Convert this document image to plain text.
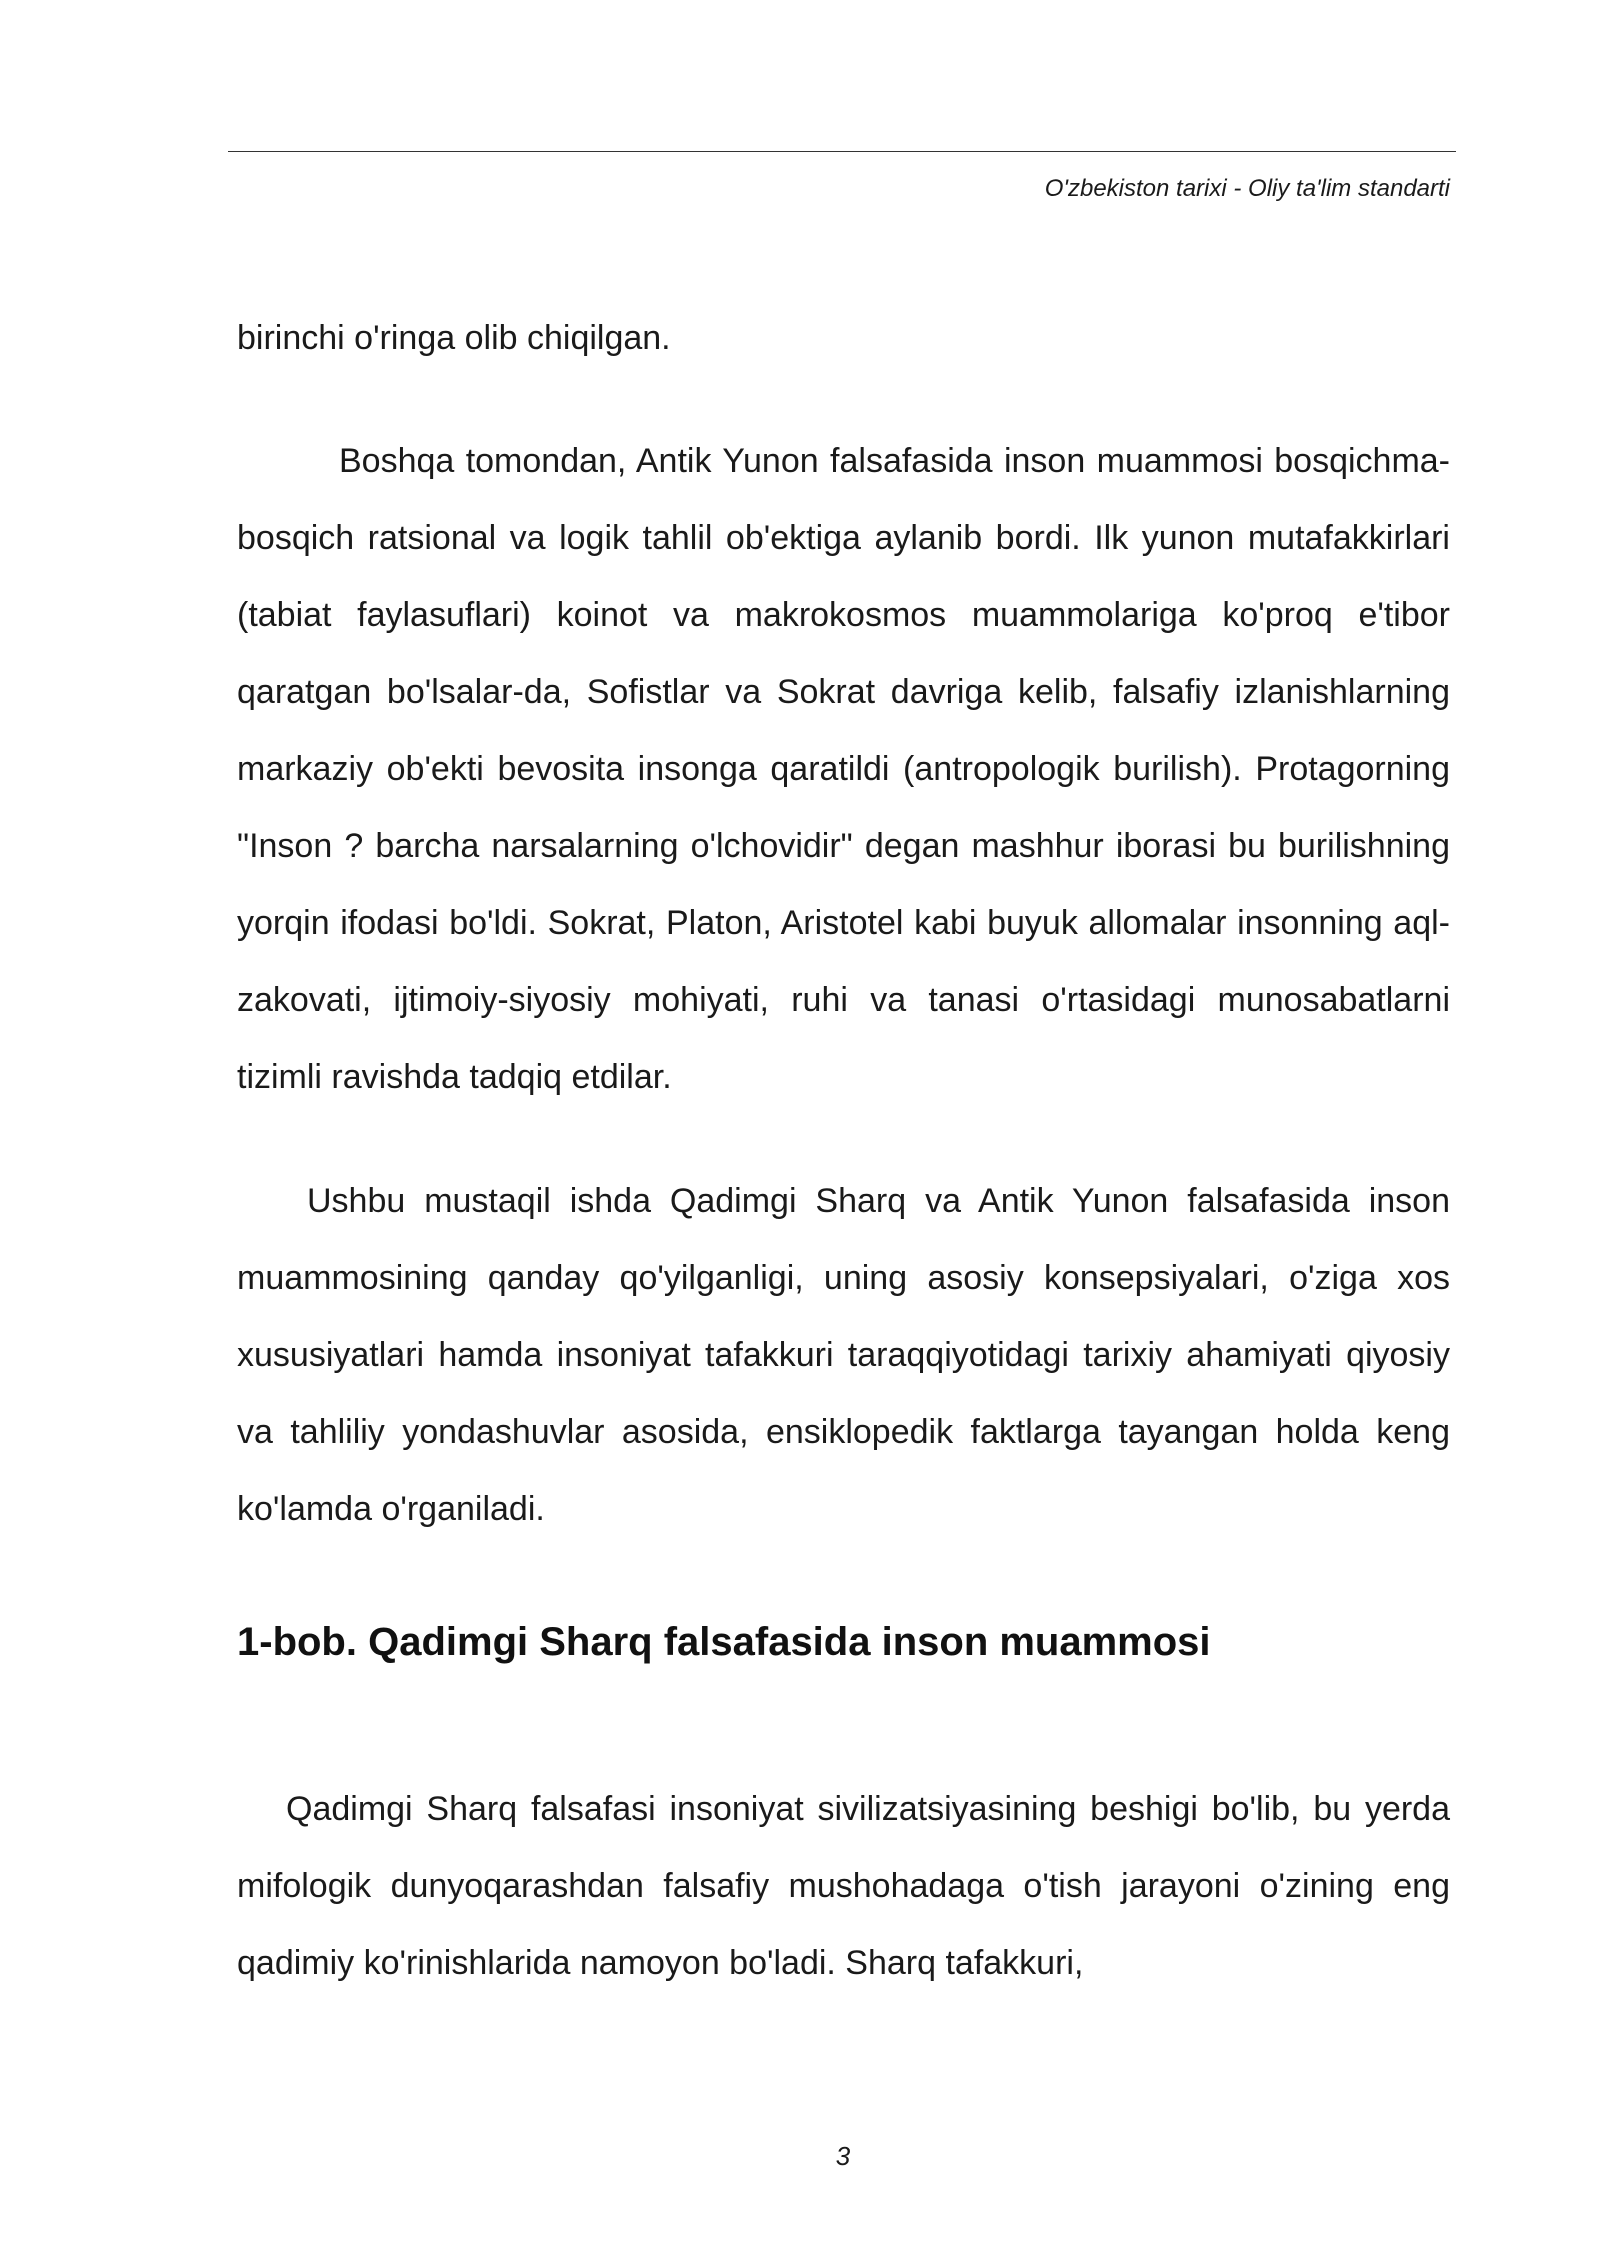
O'zbekiston tarixi - Oliy ta'lim standarti

birinchi o'ringa olib chiqilgan.

Boshqa tomondan, Antik Yunon falsafasida inson muammosi bosqichma-bosqich ratsional va logik tahlil ob'ektiga aylanib bordi. Ilk yunon mutafakkirlari (tabiat faylasuflari) koinot va makrokosmos muammolariga ko'proq e'tibor qaratgan bo'lsalar-da, Sofistlar va Sokrat davriga kelib, falsafiy izlanishlarning markaziy ob'ekti bevosita insonga qaratildi (antropologik burilish). Protagorning "Inson ? barcha narsalarning o'lchovidir" degan mashhur iborasi bu burilishning yorqin ifodasi bo'ldi. Sokrat, Platon, Aristotel kabi buyuk allomalar insonning aql-zakovati, ijtimoiy-siyosiy mohiyati, ruhi va tanasi o'rtasidagi munosabatlarni tizimli ravishda tadqiq etdilar.

Ushbu mustaqil ishda Qadimgi Sharq va Antik Yunon falsafasida inson muammosining qanday qo'yilganligi, uning asosiy konsepsiyalari, o'ziga xos xususiyatlari hamda insoniyat tafakkuri taraqqiyotidagi tarixiy ahamiyati qiyosiy va tahliliy yondashuvlar asosida, ensiklopedik faktlarga tayangan holda keng ko'lamda o'rganiladi.

1-bob. Qadimgi Sharq falsafasida inson muammosi

Qadimgi Sharq falsafasi insoniyat sivilizatsiyasining beshigi bo'lib, bu yerda mifologik dunyoqarashdan falsafiy mushohadaga o'tish jarayoni o'zining eng qadimiy ko'rinishlarida namoyon bo'ladi. Sharq tafakkuri,

3
